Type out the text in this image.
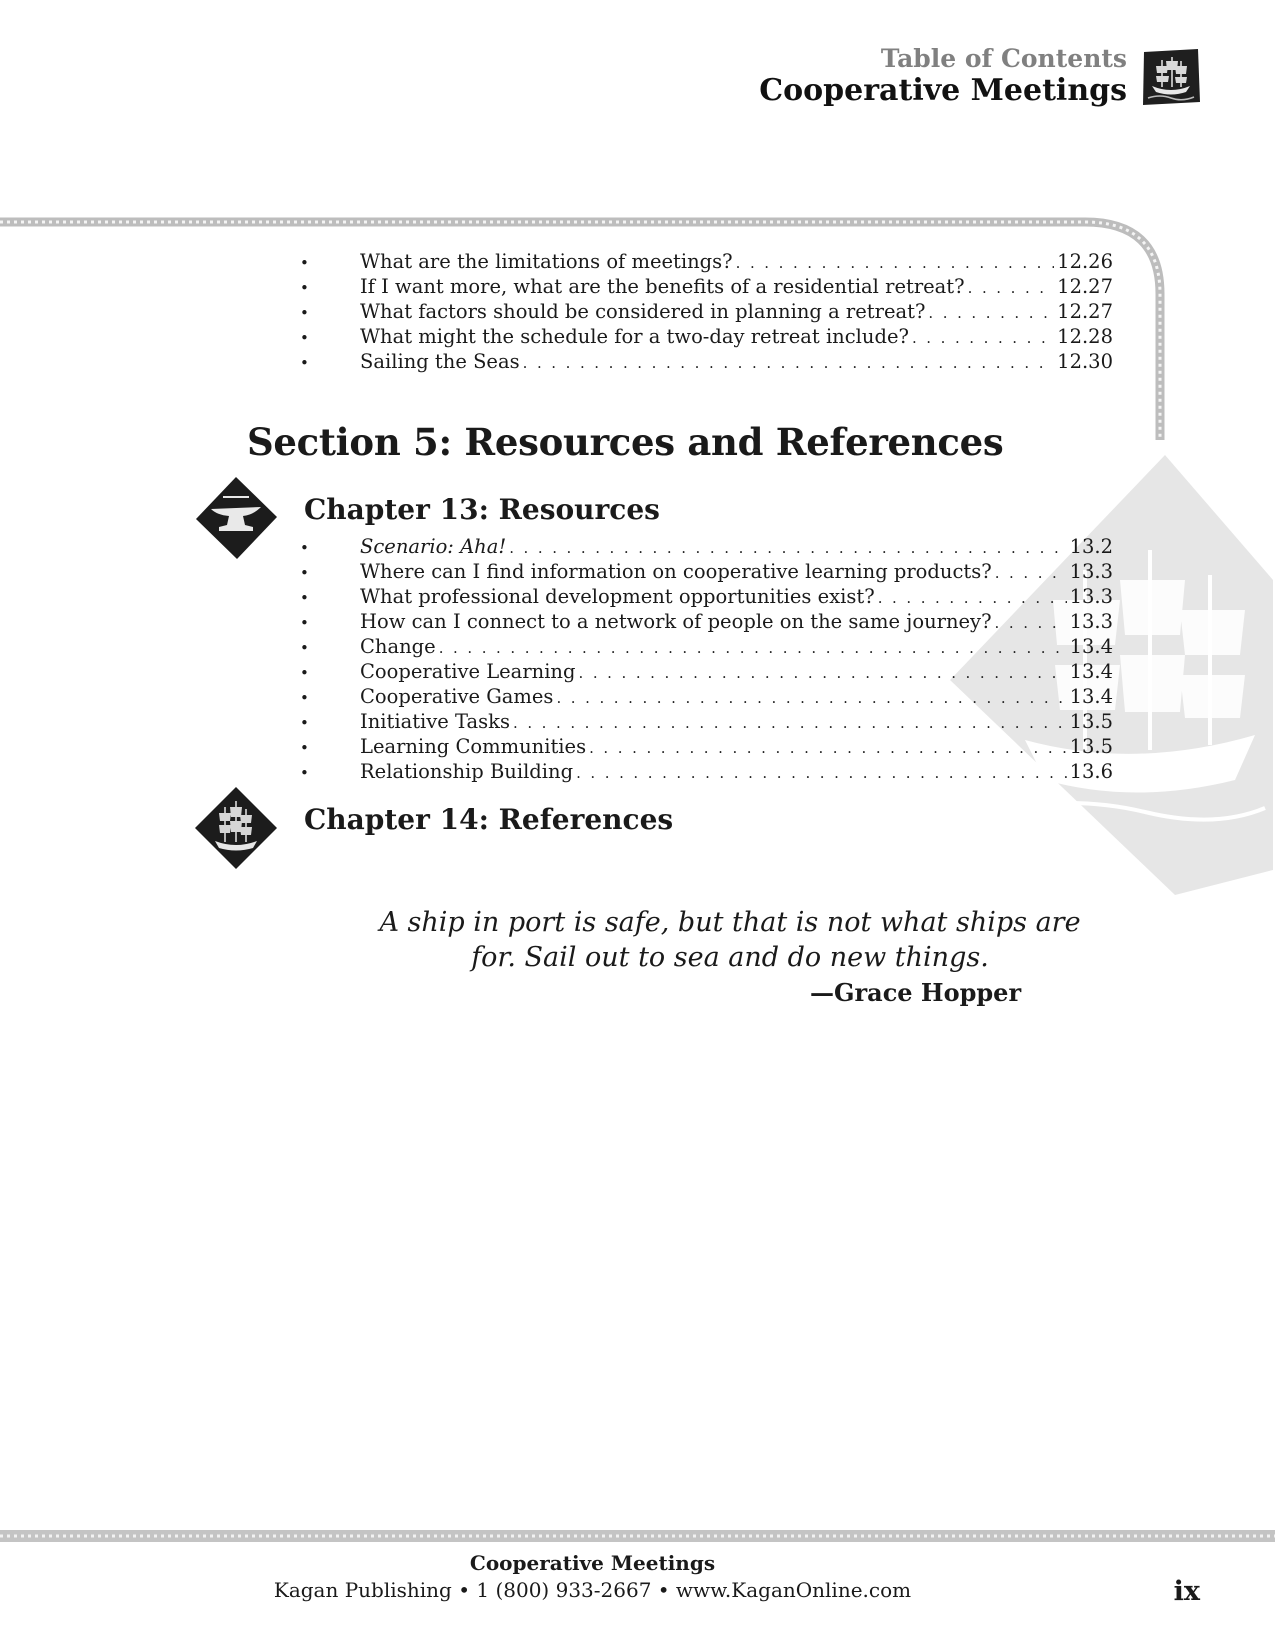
Table of Contents
Cooperative Meetings
•	What are the limitations of meetings? . . .	12.26
•	If I want more, what are the benefits of a residential retreat? . . .	12.27
•	What factors should be considered in planning a retreat? . . .	12.27
•	What might the schedule for a two-day retreat include? . . .	12.28
•	Sailing the Seas . . .	12.30
Section 5: Resources and References
Chapter 13: Resources
•	Scenario: Aha! . . .	13.2
•	Where can I find information on cooperative learning products? . . .	13.3
•	What professional development opportunities exist? . . .	13.3
•	How can I connect to a network of people on the same journey? . . .	13.3
•	Change . . .	13.4
•	Cooperative Learning . . .	13.4
•	Cooperative Games . . .	13.4
•	Initiative Tasks . . .	13.5
•	Learning Communities . . .	13.5
•	Relationship Building . . .	13.6
Chapter 14: References
A ship in port is safe, but that is not what ships are
for. Sail out to sea and do new things.
—Grace Hopper
Cooperative Meetings
Kagan Publishing • 1 (800) 933-2667 • www.KaganOnline.com	ix
